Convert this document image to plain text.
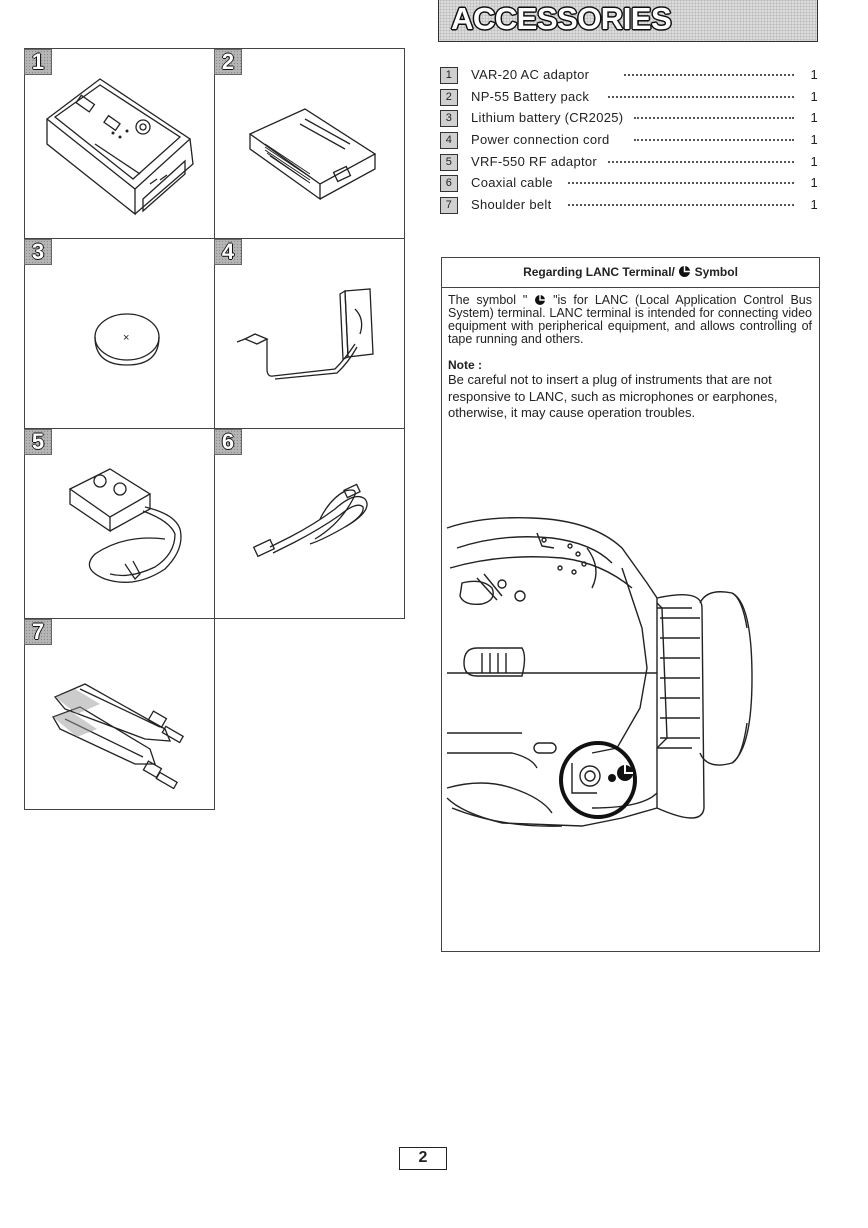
ACCESSORIES
1	2
×
3	4
5	6
7
1	VAR-20 AC adaptor	1
2	NP-55 Battery pack	1
3	Lithium battery (CR2025)	1
4	Power connection cord	1
5	VRF-550 RF adaptor	1
6	Coaxial cable	1
7	Shoulder belt	1
Regarding LANC Terminal/ Symbol
The symbol " "is for LANC (Local Application Control Bus System) terminal. LANC terminal is intended for connecting video equipment with peripherical equipment, and allows controlling of tape running and others.
Note :
Be careful not to insert a plug of instruments that are not responsive to LANC, such as microphones or earphones, otherwise, it may cause operation troubles.
2
